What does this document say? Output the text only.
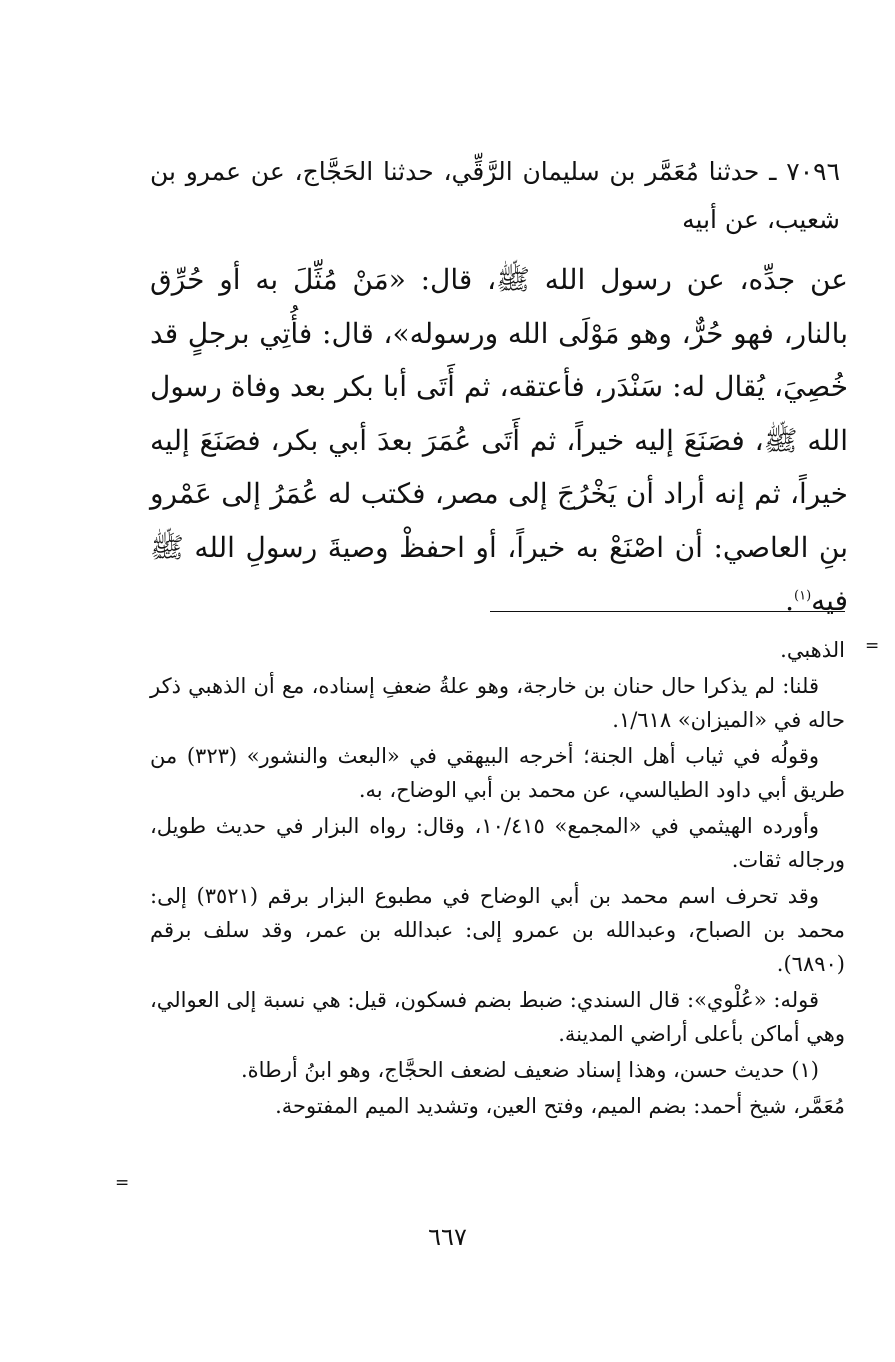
٧٠٩٦ ـ حدثنا مُعَمَّر بن سليمان الرَّقِّي، حدثنا الحَجَّاج، عن عمرو بن شعيب، عن أبيه

عن جدِّه، عن رسول الله ﷺ، قال: «مَنْ مُثِّلَ به أو حُرِّق بالنار، فهو حُرٌّ، وهو مَوْلَى الله ورسوله»، قال: فأُتِي برجلٍ قد خُصِيَ، يُقال له: سَنْدَر، فأعتقه، ثم أَتَى أبا بكر بعد وفاة رسول الله ﷺ، فصَنَعَ إليه خيراً، ثم أَتَى عُمَرَ بعدَ أبي بكر، فصَنَعَ إليه خيراً، ثم إنه أراد أن يَخْرُجَ إلى مصر، فكتب له عُمَرُ إلى عَمْرو بنِ العاصي: أن اصْنَعْ به خيراً، أو احفظْ وصيةَ رسولِ الله ﷺ فيه$^{(١)}$.

=

الذهبي.

قلنا: لم يذكرا حال حنان بن خارجة، وهو علةُ ضعفِ إسناده، مع أن الذهبي ذكر حاله في «الميزان» ١/٦١٨.

وقولُه في ثياب أهل الجنة؛ أخرجه البيهقي في «البعث والنشور» (٣٢٣) من طريق أبي داود الطيالسي، عن محمد بن أبي الوضاح، به.

وأورده الهيثمي في «المجمع» ١٠/٤١٥، وقال: رواه البزار في حديث طويل، ورجاله ثقات.

وقد تحرف اسم محمد بن أبي الوضاح في مطبوع البزار برقم (٣٥٢١) إلى: محمد بن الصباح، وعبدالله بن عمرو إلى: عبدالله بن عمر، وقد سلف برقم (٦٨٩٠).

قوله: «عُلْوي»: قال السندي: ضبط بضم فسكون، قيل: هي نسبة إلى العوالي، وهي أماكن بأعلى أراضي المدينة.

(١) حديث حسن، وهذا إسناد ضعيف لضعف الحجَّاج، وهو ابنُ أرطاة.

مُعَمَّر، شيخ أحمد: بضم الميم، وفتح العين، وتشديد الميم المفتوحة.

=
٦٦٧
